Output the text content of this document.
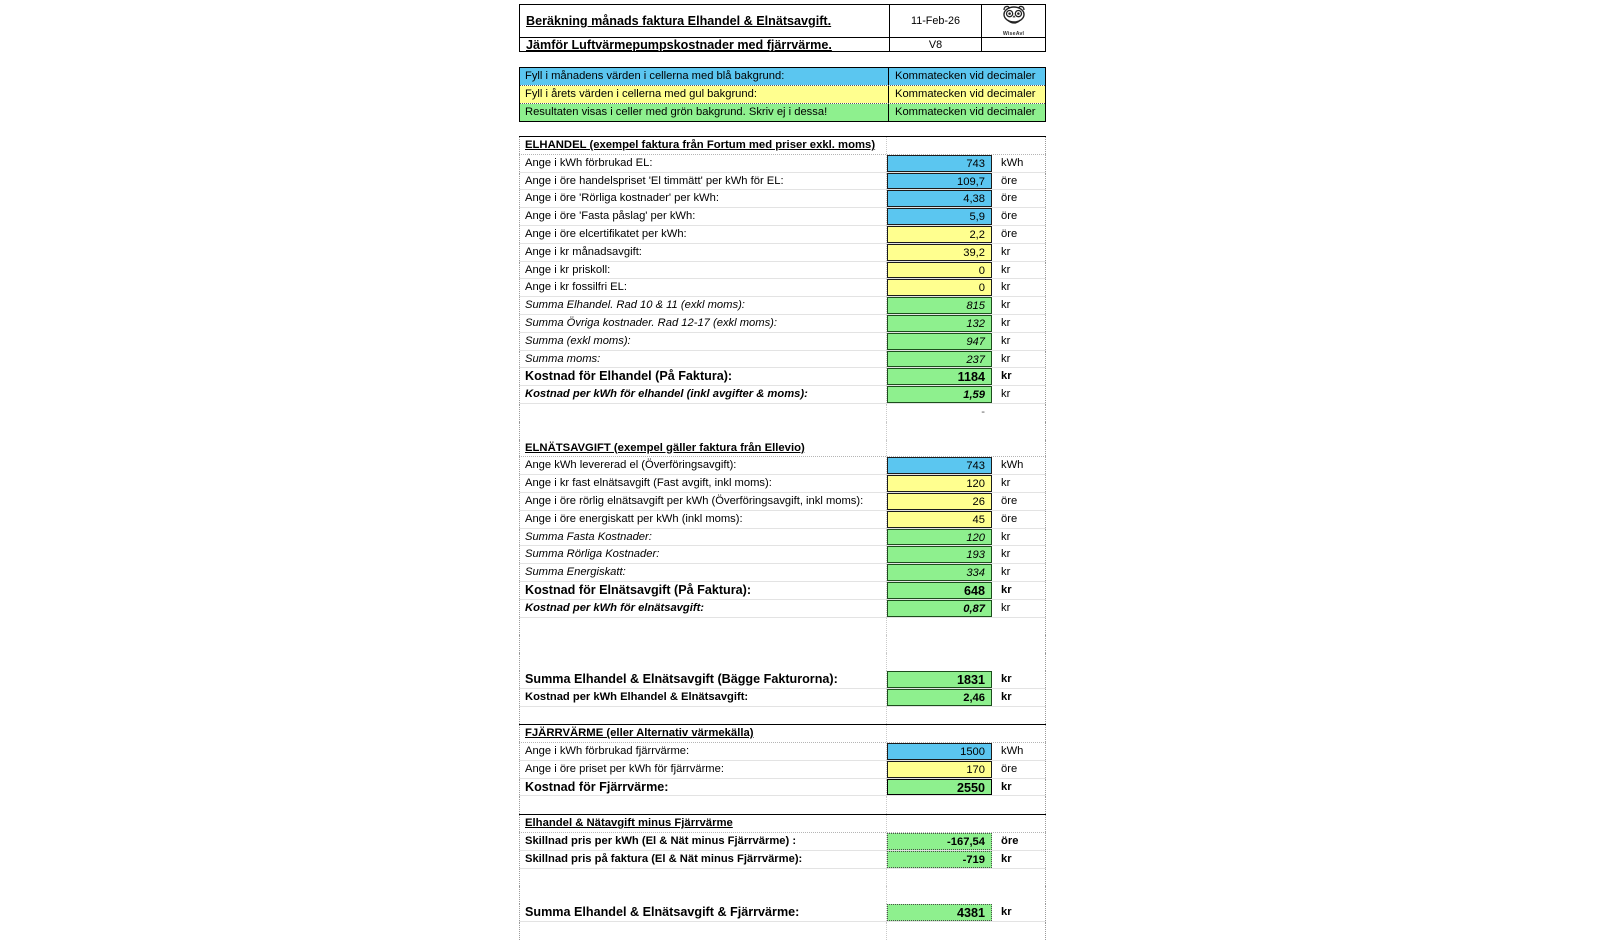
Beräkning månads faktura Elhandel & Elnätsavgift.	11-Feb-26
WiseAvl
Jämför Luftvärmepumpskostnader med fjärrvärme.	V8
Fyll i månadens värden i cellerna med blå bakgrund:	Kommatecken vid decimaler
Fyll i årets värden i cellerna med gul bakgrund:	Kommatecken vid decimaler
Resultaten visas i celler med grön bakgrund. Skriv ej i dessa!	Kommatecken vid decimaler
ELHANDEL (exempel faktura från Fortum med priser exkl. moms)
Ange i kWh förbrukad EL:	743	kWh
Ange i öre handelspriset 'El timmätt' per kWh för EL:	109,7	öre
Ange i öre 'Rörliga kostnader' per kWh:	4,38	öre
Ange i öre 'Fasta påslag' per kWh:	5,9	öre
Ange i öre elcertifikatet per kWh:	2,2	öre
Ange i kr månadsavgift:	39,2	kr
Ange i kr priskoll:	0	kr
Ange i kr fossilfri EL:	0	kr
Summa Elhandel. Rad 10 & 11 (exkl moms):	815	kr
Summa Övriga kostnader. Rad 12-17 (exkl moms):	132	kr
Summa (exkl moms):	947	kr
Summa moms:	237	kr
Kostnad för Elhandel (På Faktura):	1184	kr
Kostnad per kWh för elhandel (inkl avgifter & moms):	1,59	kr
-
ELNÄTSAVGIFT (exempel gäller faktura från Ellevio)
Ange kWh levererad el (Överföringsavgift):	743	kWh
Ange i kr fast elnätsavgift (Fast avgift, inkl moms):	120	kr
Ange i öre rörlig elnätsavgift per kWh (Överföringsavgift, inkl moms):	26	öre
Ange i öre energiskatt per kWh (inkl moms):	45	öre
Summa Fasta Kostnader:	120	kr
Summa Rörliga Kostnader:	193	kr
Summa Energiskatt:	334	kr
Kostnad för Elnätsavgift (På Faktura):	648	kr
Kostnad per kWh för elnätsavgift:	0,87	kr
Summa Elhandel & Elnätsavgift (Bägge Fakturorna):	1831	kr
Kostnad per kWh Elhandel & Elnätsavgift:	2,46	kr
FJÄRRVÄRME (eller Alternativ värmekälla)
Ange i kWh förbrukad fjärrvärme:	1500	kWh
Ange i öre priset per kWh för fjärrvärme:	170	öre
Kostnad för Fjärrvärme:	2550	kr
Elhandel & Nätavgift minus Fjärrvärme
Skillnad pris per kWh (El & Nät minus Fjärrvärme) :	-167,54	öre
Skillnad pris på faktura (El & Nät minus Fjärrvärme):	-719	kr
Summa Elhandel & Elnätsavgift & Fjärrvärme:	4381	kr
